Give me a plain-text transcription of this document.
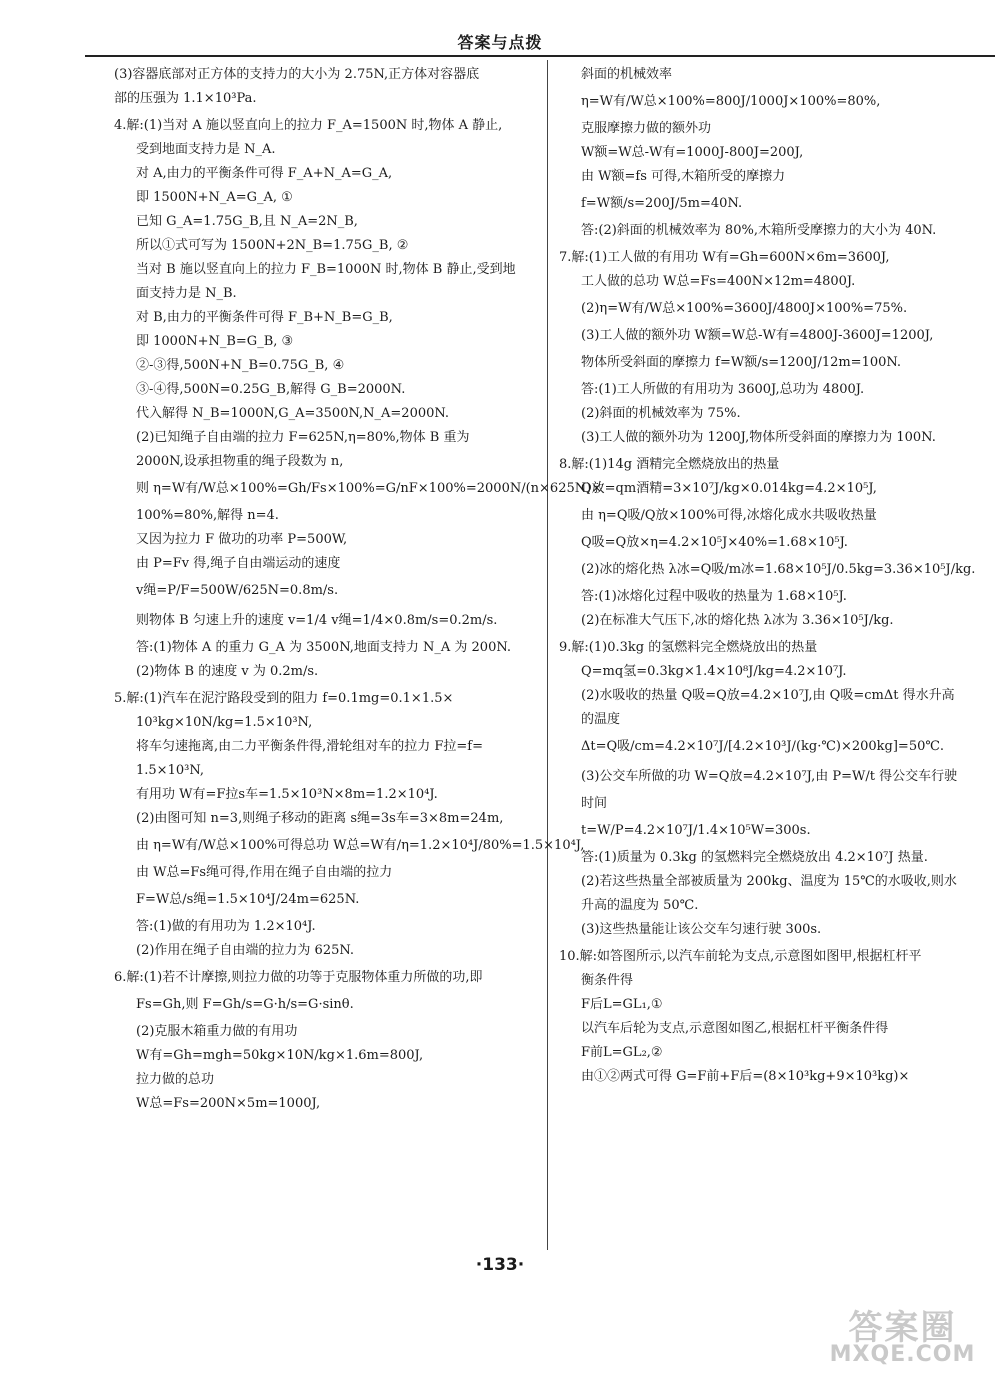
答案与点拨
(3)容器底部对正方体的支持力的大小为 2.75N,正方体对容器底
部的压强为 1.1×10³Pa.
4.解:(1)当对 A 施以竖直向上的拉力 F_A=1500N 时,物体 A 静止,
受到地面支持力是 N_A.
对 A,由力的平衡条件可得 F_A+N_A=G_A,
即 1500N+N_A=G_A, ①
已知 G_A=1.75G_B,且 N_A=2N_B,
所以①式可写为 1500N+2N_B=1.75G_B, ②
当对 B 施以竖直向上的拉力 F_B=1000N 时,物体 B 静止,受到地
面支持力是 N_B.
对 B,由力的平衡条件可得 F_B+N_B=G_B,
即 1000N+N_B=G_B, ③
②-③得,500N+N_B=0.75G_B, ④
③-④得,500N=0.25G_B,解得 G_B=2000N.
代入解得 N_B=1000N,G_A=3500N,N_A=2000N.
(2)已知绳子自由端的拉力 F=625N,η=80%,物体 B 重为
2000N,设承担物重的绳子段数为 n,
则 η=W有/W总×100%=Gh/Fs×100%=G/nF×100%=2000N/(n×625N)×
100%=80%,解得 n=4.
又因为拉力 F 做功的功率 P=500W,
由 P=Fv 得,绳子自由端运动的速度
v绳=P/F=500W/625N=0.8m/s.
则物体 B 匀速上升的速度 v=1/4 v绳=1/4×0.8m/s=0.2m/s.
答:(1)物体 A 的重力 G_A 为 3500N,地面支持力 N_A 为 200N.
(2)物体 B 的速度 v 为 0.2m/s.
5.解:(1)汽车在泥泞路段受到的阻力 f=0.1mg=0.1×1.5×
10³kg×10N/kg=1.5×10³N,
将车匀速拖离,由二力平衡条件得,滑轮组对车的拉力 F拉=f=
1.5×10³N,
有用功 W有=F拉s车=1.5×10³N×8m=1.2×10⁴J.
(2)由图可知 n=3,则绳子移动的距离 s绳=3s车=3×8m=24m,
由 η=W有/W总×100%可得总功 W总=W有/η=1.2×10⁴J/80%=1.5×10⁴J,
由 W总=Fs绳可得,作用在绳子自由端的拉力
F=W总/s绳=1.5×10⁴J/24m=625N.
答:(1)做的有用功为 1.2×10⁴J.
(2)作用在绳子自由端的拉力为 625N.
6.解:(1)若不计摩擦,则拉力做的功等于克服物体重力所做的功,即
Fs=Gh,则 F=Gh/s=G·h/s=G·sinθ.
(2)克服木箱重力做的有用功
W有=Gh=mgh=50kg×10N/kg×1.6m=800J,
拉力做的总功
W总=Fs=200N×5m=1000J,
斜面的机械效率
η=W有/W总×100%=800J/1000J×100%=80%,
克服摩擦力做的额外功
W额=W总-W有=1000J-800J=200J,
由 W额=fs 可得,木箱所受的摩擦力
f=W额/s=200J/5m=40N.
答:(2)斜面的机械效率为 80%,木箱所受摩擦力的大小为 40N.
7.解:(1)工人做的有用功 W有=Gh=600N×6m=3600J,
工人做的总功 W总=Fs=400N×12m=4800J.
(2)η=W有/W总×100%=3600J/4800J×100%=75%.
(3)工人做的额外功 W额=W总-W有=4800J-3600J=1200J,
物体所受斜面的摩擦力 f=W额/s=1200J/12m=100N.
答:(1)工人所做的有用功为 3600J,总功为 4800J.
(2)斜面的机械效率为 75%.
(3)工人做的额外功为 1200J,物体所受斜面的摩擦力为 100N.
8.解:(1)14g 酒精完全燃烧放出的热量
Q放=qm酒精=3×10⁷J/kg×0.014kg=4.2×10⁵J,
由 η=Q吸/Q放×100%可得,冰熔化成水共吸收热量
Q吸=Q放×η=4.2×10⁵J×40%=1.68×10⁵J.
(2)冰的熔化热 λ冰=Q吸/m冰=1.68×10⁵J/0.5kg=3.36×10⁵J/kg.
答:(1)冰熔化过程中吸收的热量为 1.68×10⁵J.
(2)在标准大气压下,冰的熔化热 λ冰为 3.36×10⁵J/kg.
9.解:(1)0.3kg 的氢燃料完全燃烧放出的热量
Q=mq氢=0.3kg×1.4×10⁸J/kg=4.2×10⁷J.
(2)水吸收的热量 Q吸=Q放=4.2×10⁷J,由 Q吸=cmΔt 得水升高
的温度
Δt=Q吸/cm=4.2×10⁷J/[4.2×10³J/(kg·℃)×200kg]=50℃.
(3)公交车所做的功 W=Q放=4.2×10⁷J,由 P=W/t 得公交车行驶
时间
t=W/P=4.2×10⁷J/1.4×10⁵W=300s.
答:(1)质量为 0.3kg 的氢燃料完全燃烧放出 4.2×10⁷J 热量.
(2)若这些热量全部被质量为 200kg、温度为 15℃的水吸收,则水
升高的温度为 50℃.
(3)这些热量能让该公交车匀速行驶 300s.
10.解:如答图所示,以汽车前轮为支点,示意图如图甲,根据杠杆平
衡条件得
F后L=GL₁,①
以汽车后轮为支点,示意图如图乙,根据杠杆平衡条件得
F前L=GL₂,②
由①②两式可得 G=F前+F后=(8×10³kg+9×10³kg)×
·133·
答案圈
MXQE.COM
